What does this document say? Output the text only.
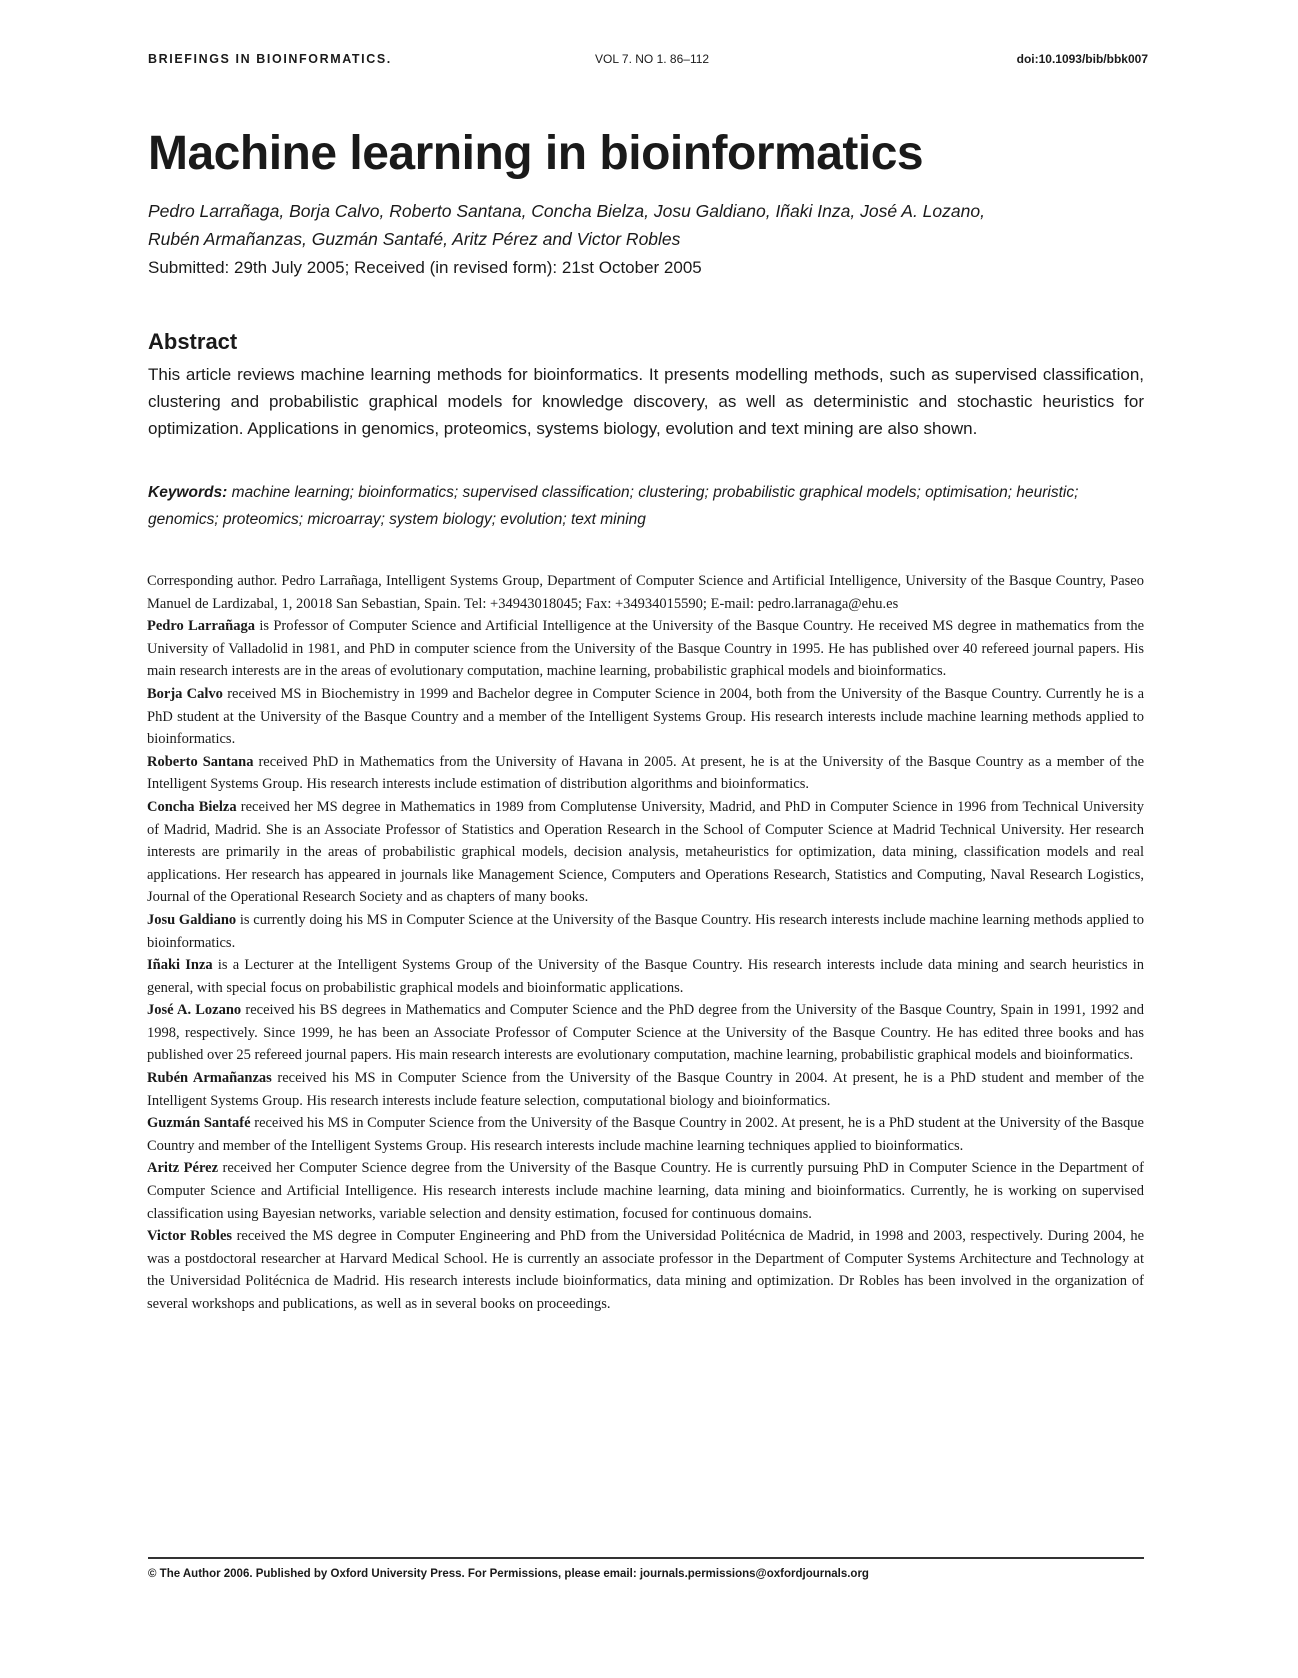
BRIEFINGS IN BIOINFORMATICS.	VOL 7. NO 1. 86–112	doi:10.1093/bib/bbk007
Machine learning in bioinformatics
Pedro Larrañaga, Borja Calvo, Roberto Santana, Concha Bielza, Josu Galdiano, Iñaki Inza, José A. Lozano,
Rubén Armañanzas, Guzmán Santafé, Aritz Pérez and Victor Robles
Submitted: 29th July 2005; Received (in revised form): 21st October 2005
Abstract

This article reviews machine learning methods for bioinformatics. It presents modelling methods, such as supervised classification, clustering and probabilistic graphical models for knowledge discovery, as well as deterministic and stochastic heuristics for optimization. Applications in genomics, proteomics, systems biology, evolution and text mining are also shown.

Keywords: machine learning; bioinformatics; supervised classification; clustering; probabilistic graphical models; optimisation; heuristic; genomics; proteomics; microarray; system biology; evolution; text mining

Corresponding author. Pedro Larrañaga, Intelligent Systems Group, Department of Computer Science and Artificial Intelligence, University of the Basque Country, Paseo Manuel de Lardizabal, 1, 20018 San Sebastian, Spain. Tel: +34943018045; Fax: +34934015590; E-mail: pedro.larranaga@ehu.es

Pedro Larrañaga is Professor of Computer Science and Artificial Intelligence at the University of the Basque Country. He received MS degree in mathematics from the University of Valladolid in 1981, and PhD in computer science from the University of the Basque Country in 1995. He has published over 40 refereed journal papers. His main research interests are in the areas of evolutionary computation, machine learning, probabilistic graphical models and bioinformatics.

Borja Calvo received MS in Biochemistry in 1999 and Bachelor degree in Computer Science in 2004, both from the University of the Basque Country. Currently he is a PhD student at the University of the Basque Country and a member of the Intelligent Systems Group. His research interests include machine learning methods applied to bioinformatics.

Roberto Santana received PhD in Mathematics from the University of Havana in 2005. At present, he is at the University of the Basque Country as a member of the Intelligent Systems Group. His research interests include estimation of distribution algorithms and bioinformatics.

Concha Bielza received her MS degree in Mathematics in 1989 from Complutense University, Madrid, and PhD in Computer Science in 1996 from Technical University of Madrid, Madrid. She is an Associate Professor of Statistics and Operation Research in the School of Computer Science at Madrid Technical University. Her research interests are primarily in the areas of probabilistic graphical models, decision analysis, metaheuristics for optimization, data mining, classification models and real applications. Her research has appeared in journals like Management Science, Computers and Operations Research, Statistics and Computing, Naval Research Logistics, Journal of the Operational Research Society and as chapters of many books.

Josu Galdiano is currently doing his MS in Computer Science at the University of the Basque Country. His research interests include machine learning methods applied to bioinformatics.

Iñaki Inza is a Lecturer at the Intelligent Systems Group of the University of the Basque Country. His research interests include data mining and search heuristics in general, with special focus on probabilistic graphical models and bioinformatic applications.

José A. Lozano received his BS degrees in Mathematics and Computer Science and the PhD degree from the University of the Basque Country, Spain in 1991, 1992 and 1998, respectively. Since 1999, he has been an Associate Professor of Computer Science at the University of the Basque Country. He has edited three books and has published over 25 refereed journal papers. His main research interests are evolutionary computation, machine learning, probabilistic graphical models and bioinformatics.

Rubén Armañanzas received his MS in Computer Science from the University of the Basque Country in 2004. At present, he is a PhD student and member of the Intelligent Systems Group. His research interests include feature selection, computational biology and bioinformatics.

Guzmán Santafé received his MS in Computer Science from the University of the Basque Country in 2002. At present, he is a PhD student at the University of the Basque Country and member of the Intelligent Systems Group. His research interests include machine learning techniques applied to bioinformatics.

Aritz Pérez received her Computer Science degree from the University of the Basque Country. He is currently pursuing PhD in Computer Science in the Department of Computer Science and Artificial Intelligence. His research interests include machine learning, data mining and bioinformatics. Currently, he is working on supervised classification using Bayesian networks, variable selection and density estimation, focused for continuous domains.

Victor Robles received the MS degree in Computer Engineering and PhD from the Universidad Politécnica de Madrid, in 1998 and 2003, respectively. During 2004, he was a postdoctoral researcher at Harvard Medical School. He is currently an associate professor in the Department of Computer Systems Architecture and Technology at the Universidad Politécnica de Madrid. His research interests include bioinformatics, data mining and optimization. Dr Robles has been involved in the organization of several workshops and publications, as well as in several books on proceedings.

© The Author 2006. Published by Oxford University Press. For Permissions, please email: journals.permissions@oxfordjournals.org
